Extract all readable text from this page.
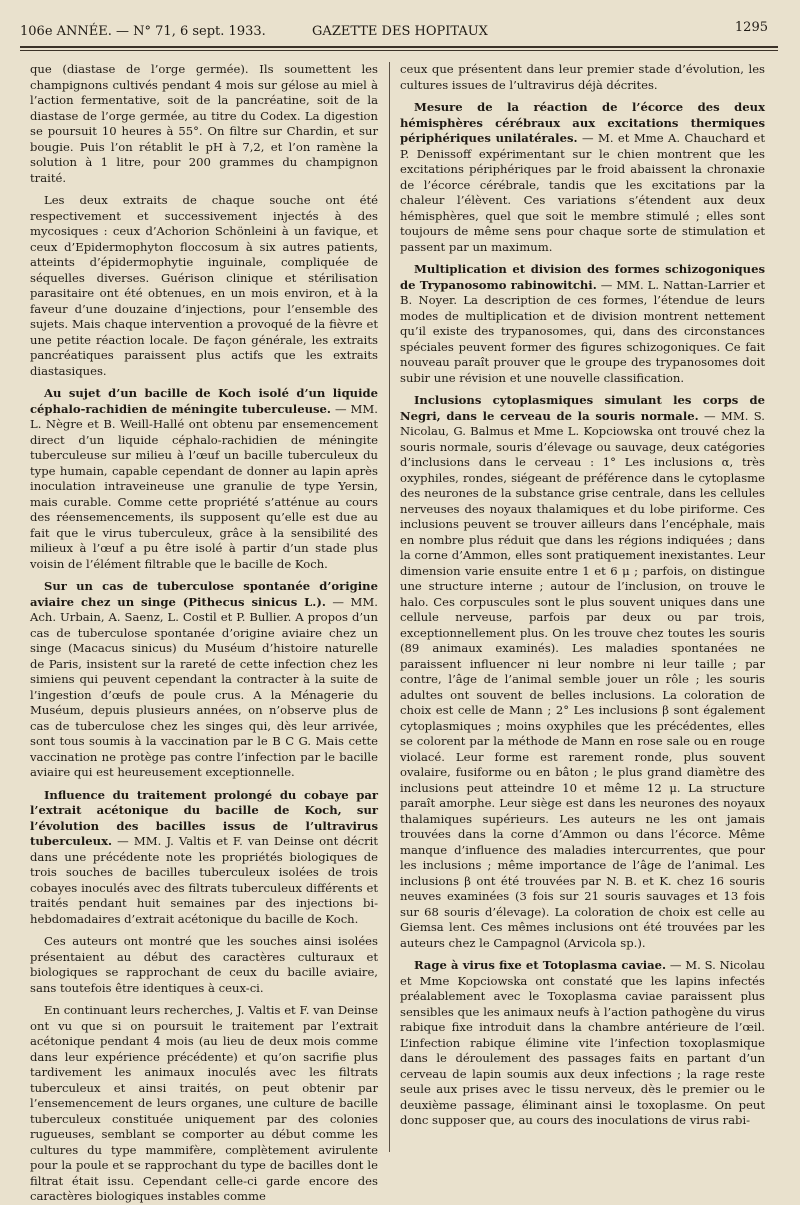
106e ANNÉE. — N° 71, 6 sept. 1933.	GAZETTE DES HOPITAUX	1295

que (diastase de l’orge germée). Ils soumettent les champignons cultivés pendant 4 mois sur gélose au miel à l’action fermentative, soit de la pancréatine, soit de la diastase de l’orge germée, au titre du Codex. La digestion se poursuit 10 heures à 55°. On filtre sur Chardin, et sur bougie. Puis l’on rétablit le pH à 7,2, et l’on ramène la solution à 1 litre, pour 200 grammes du champignon traité.

Les deux extraits de chaque souche ont été respectivement et successivement injectés à des mycosiques : ceux d’Achorion Schönleini à un favique, et ceux d’Epidermophyton floccosum à six autres patients, atteints d’épidermophytie inguinale, compliquée de séquelles diverses. Guérison clinique et stérilisation parasitaire ont été obtenues, en un mois environ, et à la faveur d’une douzaine d’injections, pour l’ensemble des sujets. Mais chaque intervention a provoqué de la fièvre et une petite réaction locale. De façon générale, les extraits pancréatiques paraissent plus actifs que les extraits diastasiques.

Au sujet d’un bacille de Koch isolé d’un liquide céphalo-rachidien de méningite tuberculeuse. — MM. L. Nègre et B. Weill-Hallé ont obtenu par ensemencement direct d’un liquide céphalo-rachidien de méningite tuberculeuse sur milieu à l’œuf un bacille tuberculeux du type humain, capable cependant de donner au lapin après inoculation intraveineuse une granulie de type Yersin, mais curable. Comme cette propriété s’atténue au cours des réensemencements, ils supposent qu’elle est due au fait que le virus tuberculeux, grâce à la sensibilité des milieux à l’œuf a pu être isolé à partir d’un stade plus voisin de l’élément filtrable que le bacille de Koch.

Sur un cas de tuberculose spontanée d’origine aviaire chez un singe (Pithecus sinicus L.). — MM. Ach. Urbain, A. Saenz, L. Costil et P. Bullier. A propos d’un cas de tuberculose spontanée d’origine aviaire chez un singe (Macacus sinicus) du Muséum d’histoire naturelle de Paris, insistent sur la rareté de cette infection chez les simiens qui peuvent cependant la contracter à la suite de l’ingestion d’œufs de poule crus. A la Ménagerie du Muséum, depuis plusieurs années, on n’observe plus de cas de tuberculose chez les singes qui, dès leur arrivée, sont tous soumis à la vaccination par le B C G. Mais cette vaccination ne protège pas contre l’infection par le bacille aviaire qui est heureusement exceptionnelle.

Influence du traitement prolongé du cobaye par l’extrait acétonique du bacille de Koch, sur l’évolution des bacilles issus de l’ultravirus tuberculeux. — MM. J. Valtis et F. van Deinse ont décrit dans une précédente note les propriétés biologiques de trois souches de bacilles tuberculeux isolées de trois cobayes inoculés avec des filtrats tuberculeux différents et traités pendant huit semaines par des injections bi-hebdomadaires d’extrait acétonique du bacille de Koch.

Ces auteurs ont montré que les souches ainsi isolées présentaient au début des caractères culturaux et biologiques se rapprochant de ceux du bacille aviaire, sans toutefois être identiques à ceux-ci.

En continuant leurs recherches, J. Valtis et F. van Deinse ont vu que si on poursuit le traitement par l’extrait acétonique pendant 4 mois (au lieu de deux mois comme dans leur expérience précédente) et qu’on sacrifie plus tardivement les animaux inoculés avec les filtrats tuberculeux et ainsi traités, on peut obtenir par l’ensemencement de leurs organes, une culture de bacille tuberculeux constituée uniquement par des colonies rugueuses, semblant se comporter au début comme les cultures du type mammifère, complètement avirulente pour la poule et se rapprochant du type de bacilles dont le filtrat était issu. Cependant celle-ci garde encore des caractères biologiques instables comme

ceux que présentent dans leur premier stade d’évolution, les cultures issues de l’ultravirus déjà décrites.

Mesure de la réaction de l’écorce des deux hémisphères cérébraux aux excitations thermiques périphériques unilatérales. — M. et Mme A. Chauchard et P. Denissoff expérimentant sur le chien montrent que les excitations périphériques par le froid abaissent la chronaxie de l’écorce cérébrale, tandis que les excitations par la chaleur l’élèvent. Ces variations s’étendent aux deux hémisphères, quel que soit le membre stimulé ; elles sont toujours de même sens pour chaque sorte de stimulation et passent par un maximum.

Multiplication et division des formes schizogoniques de Trypanosomo rabinowitchi. — MM. L. Nattan-Larrier et B. Noyer. La description de ces formes, l’étendue de leurs modes de multiplication et de division montrent nettement qu’il existe des trypanosomes, qui, dans des circonstances spéciales peuvent former des figures schizogoniques. Ce fait nouveau paraît prouver que le groupe des trypanosomes doit subir une révision et une nouvelle classification.

Inclusions cytoplasmiques simulant les corps de Negri, dans le cerveau de la souris normale. — MM. S. Nicolau, G. Balmus et Mme L. Kopciowska ont trouvé chez la souris normale, souris d’élevage ou sauvage, deux catégories d’inclusions dans le cerveau : 1° Les inclusions α, très oxyphiles, rondes, siégeant de préférence dans le cytoplasme des neurones de la substance grise centrale, dans les cellules nerveuses des noyaux thalamiques et du lobe piriforme. Ces inclusions peuvent se trouver ailleurs dans l’encéphale, mais en nombre plus réduit que dans les régions indiquées ; dans la corne d’Ammon, elles sont pratiquement inexistantes. Leur dimension varie ensuite entre 1 et 6 μ ; parfois, on distingue une structure interne ; autour de l’inclusion, on trouve le halo. Ces corpuscules sont le plus souvent uniques dans une cellule nerveuse, parfois par deux ou par trois, exceptionnellement plus. On les trouve chez toutes les souris (89 animaux examinés). Les maladies spontanées ne paraissent influencer ni leur nombre ni leur taille ; par contre, l’âge de l’animal semble jouer un rôle ; les souris adultes ont souvent de belles inclusions. La coloration de choix est celle de Mann ; 2° Les inclusions β sont également cytoplasmiques ; moins oxyphiles que les précédentes, elles se colorent par la méthode de Mann en rose sale ou en rouge violacé. Leur forme est rarement ronde, plus souvent ovalaire, fusiforme ou en bâton ; le plus grand diamètre des inclusions peut atteindre 10 et même 12 μ. La structure paraît amorphe. Leur siège est dans les neurones des noyaux thalamiques supérieurs. Les auteurs ne les ont jamais trouvées dans la corne d’Ammon ou dans l’écorce. Même manque d’influence des maladies intercurrentes, que pour les inclusions ; même importance de l’âge de l’animal. Les inclusions β ont été trouvées par N. B. et K. chez 16 souris neuves examinées (3 fois sur 21 souris sauvages et 13 fois sur 68 souris d’élevage). La coloration de choix est celle au Giemsa lent. Ces mêmes inclusions ont été trouvées par les auteurs chez le Campagnol (Arvicola sp.).

Rage à virus fixe et Totoplasma caviae. — M. S. Nicolau et Mme Kopciowska ont constaté que les lapins infectés préalablement avec le Toxoplasma caviae paraissent plus sensibles que les animaux neufs à l’action pathogène du virus rabique fixe introduit dans la chambre antérieure de l’œil. L’infection rabique élimine vite l’infection toxoplasmique dans le déroulement des passages faits en partant d’un cerveau de lapin soumis aux deux infections ; la rage reste seule aux prises avec le tissu nerveux, dès le premier ou le deuxième passage, éliminant ainsi le toxoplasme. On peut donc supposer que, au cours des inoculations de virus rabi-
